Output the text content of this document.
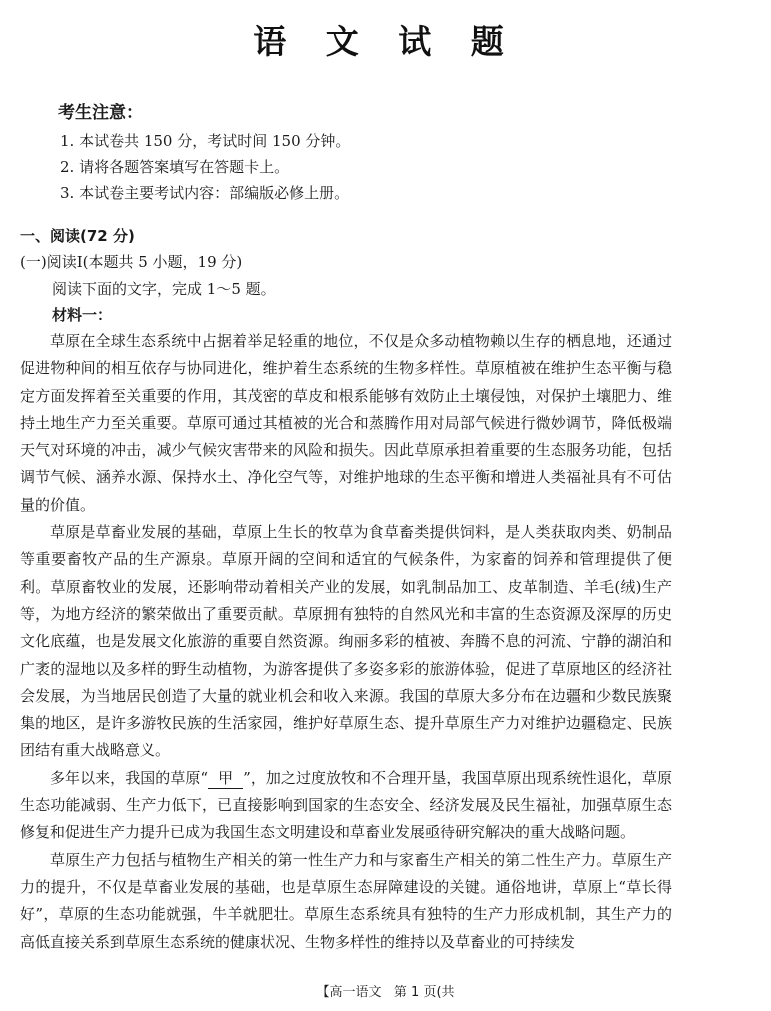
语 文 试 题
考生注意：
1. 本试卷共 150 分，考试时间 150 分钟。
2. 请将各题答案填写在答题卡上。
3. 本试卷主要考试内容：部编版必修上册。
一、阅读(72 分)
(一)阅读Ⅰ(本题共 5 小题，19 分)
阅读下面的文字，完成 1～5 题。
材料一：

草原在全球生态系统中占据着举足轻重的地位，不仅是众多动植物赖以生存的栖息地，还通过促进物种间的相互依存与协同进化，维护着生态系统的生物多样性。草原植被在维护生态平衡与稳定方面发挥着至关重要的作用，其茂密的草皮和根系能够有效防止土壤侵蚀，对保护土壤肥力、维持土地生产力至关重要。草原可通过其植被的光合和蒸腾作用对局部气候进行微妙调节，降低极端天气对环境的冲击，减少气候灾害带来的风险和损失。因此草原承担着重要的生态服务功能，包括调节气候、涵养水源、保持水土、净化空气等，对维护地球的生态平衡和增进人类福祉具有不可估量的价值。

草原是草畜业发展的基础，草原上生长的牧草为食草畜类提供饲料，是人类获取肉类、奶制品等重要畜牧产品的生产源泉。草原开阔的空间和适宜的气候条件，为家畜的饲养和管理提供了便利。草原畜牧业的发展，还影响带动着相关产业的发展，如乳制品加工、皮革制造、羊毛(绒)生产等，为地方经济的繁荣做出了重要贡献。草原拥有独特的自然风光和丰富的生态资源及深厚的历史文化底蕴，也是发展文化旅游的重要自然资源。绚丽多彩的植被、奔腾不息的河流、宁静的湖泊和广袤的湿地以及多样的野生动植物，为游客提供了多姿多彩的旅游体验，促进了草原地区的经济社会发展，为当地居民创造了大量的就业机会和收入来源。我国的草原大多分布在边疆和少数民族聚集的地区，是许多游牧民族的生活家园，维护好草原生态、提升草原生产力对维护边疆稳定、民族团结有重大战略意义。

多年以来，我国的草原“ 甲 ”，加之过度放牧和不合理开垦，我国草原出现系统性退化，草原生态功能减弱、生产力低下，已直接影响到国家的生态安全、经济发展及民生福祉，加强草原生态修复和促进生产力提升已成为我国生态文明建设和草畜业发展亟待研究解决的重大战略问题。

草原生产力包括与植物生产相关的第一性生产力和与家畜生产相关的第二性生产力。草原生产力的提升，不仅是草畜业发展的基础，也是草原生态屏障建设的关键。通俗地讲，草原上“草长得好”，草原的生态功能就强，牛羊就肥壮。草原生态系统具有独特的生产力形成机制，其生产力的高低直接关系到草原生态系统的健康状况、生物多样性的维持以及草畜业的可持续发

【高一语文 第 1 页(共
